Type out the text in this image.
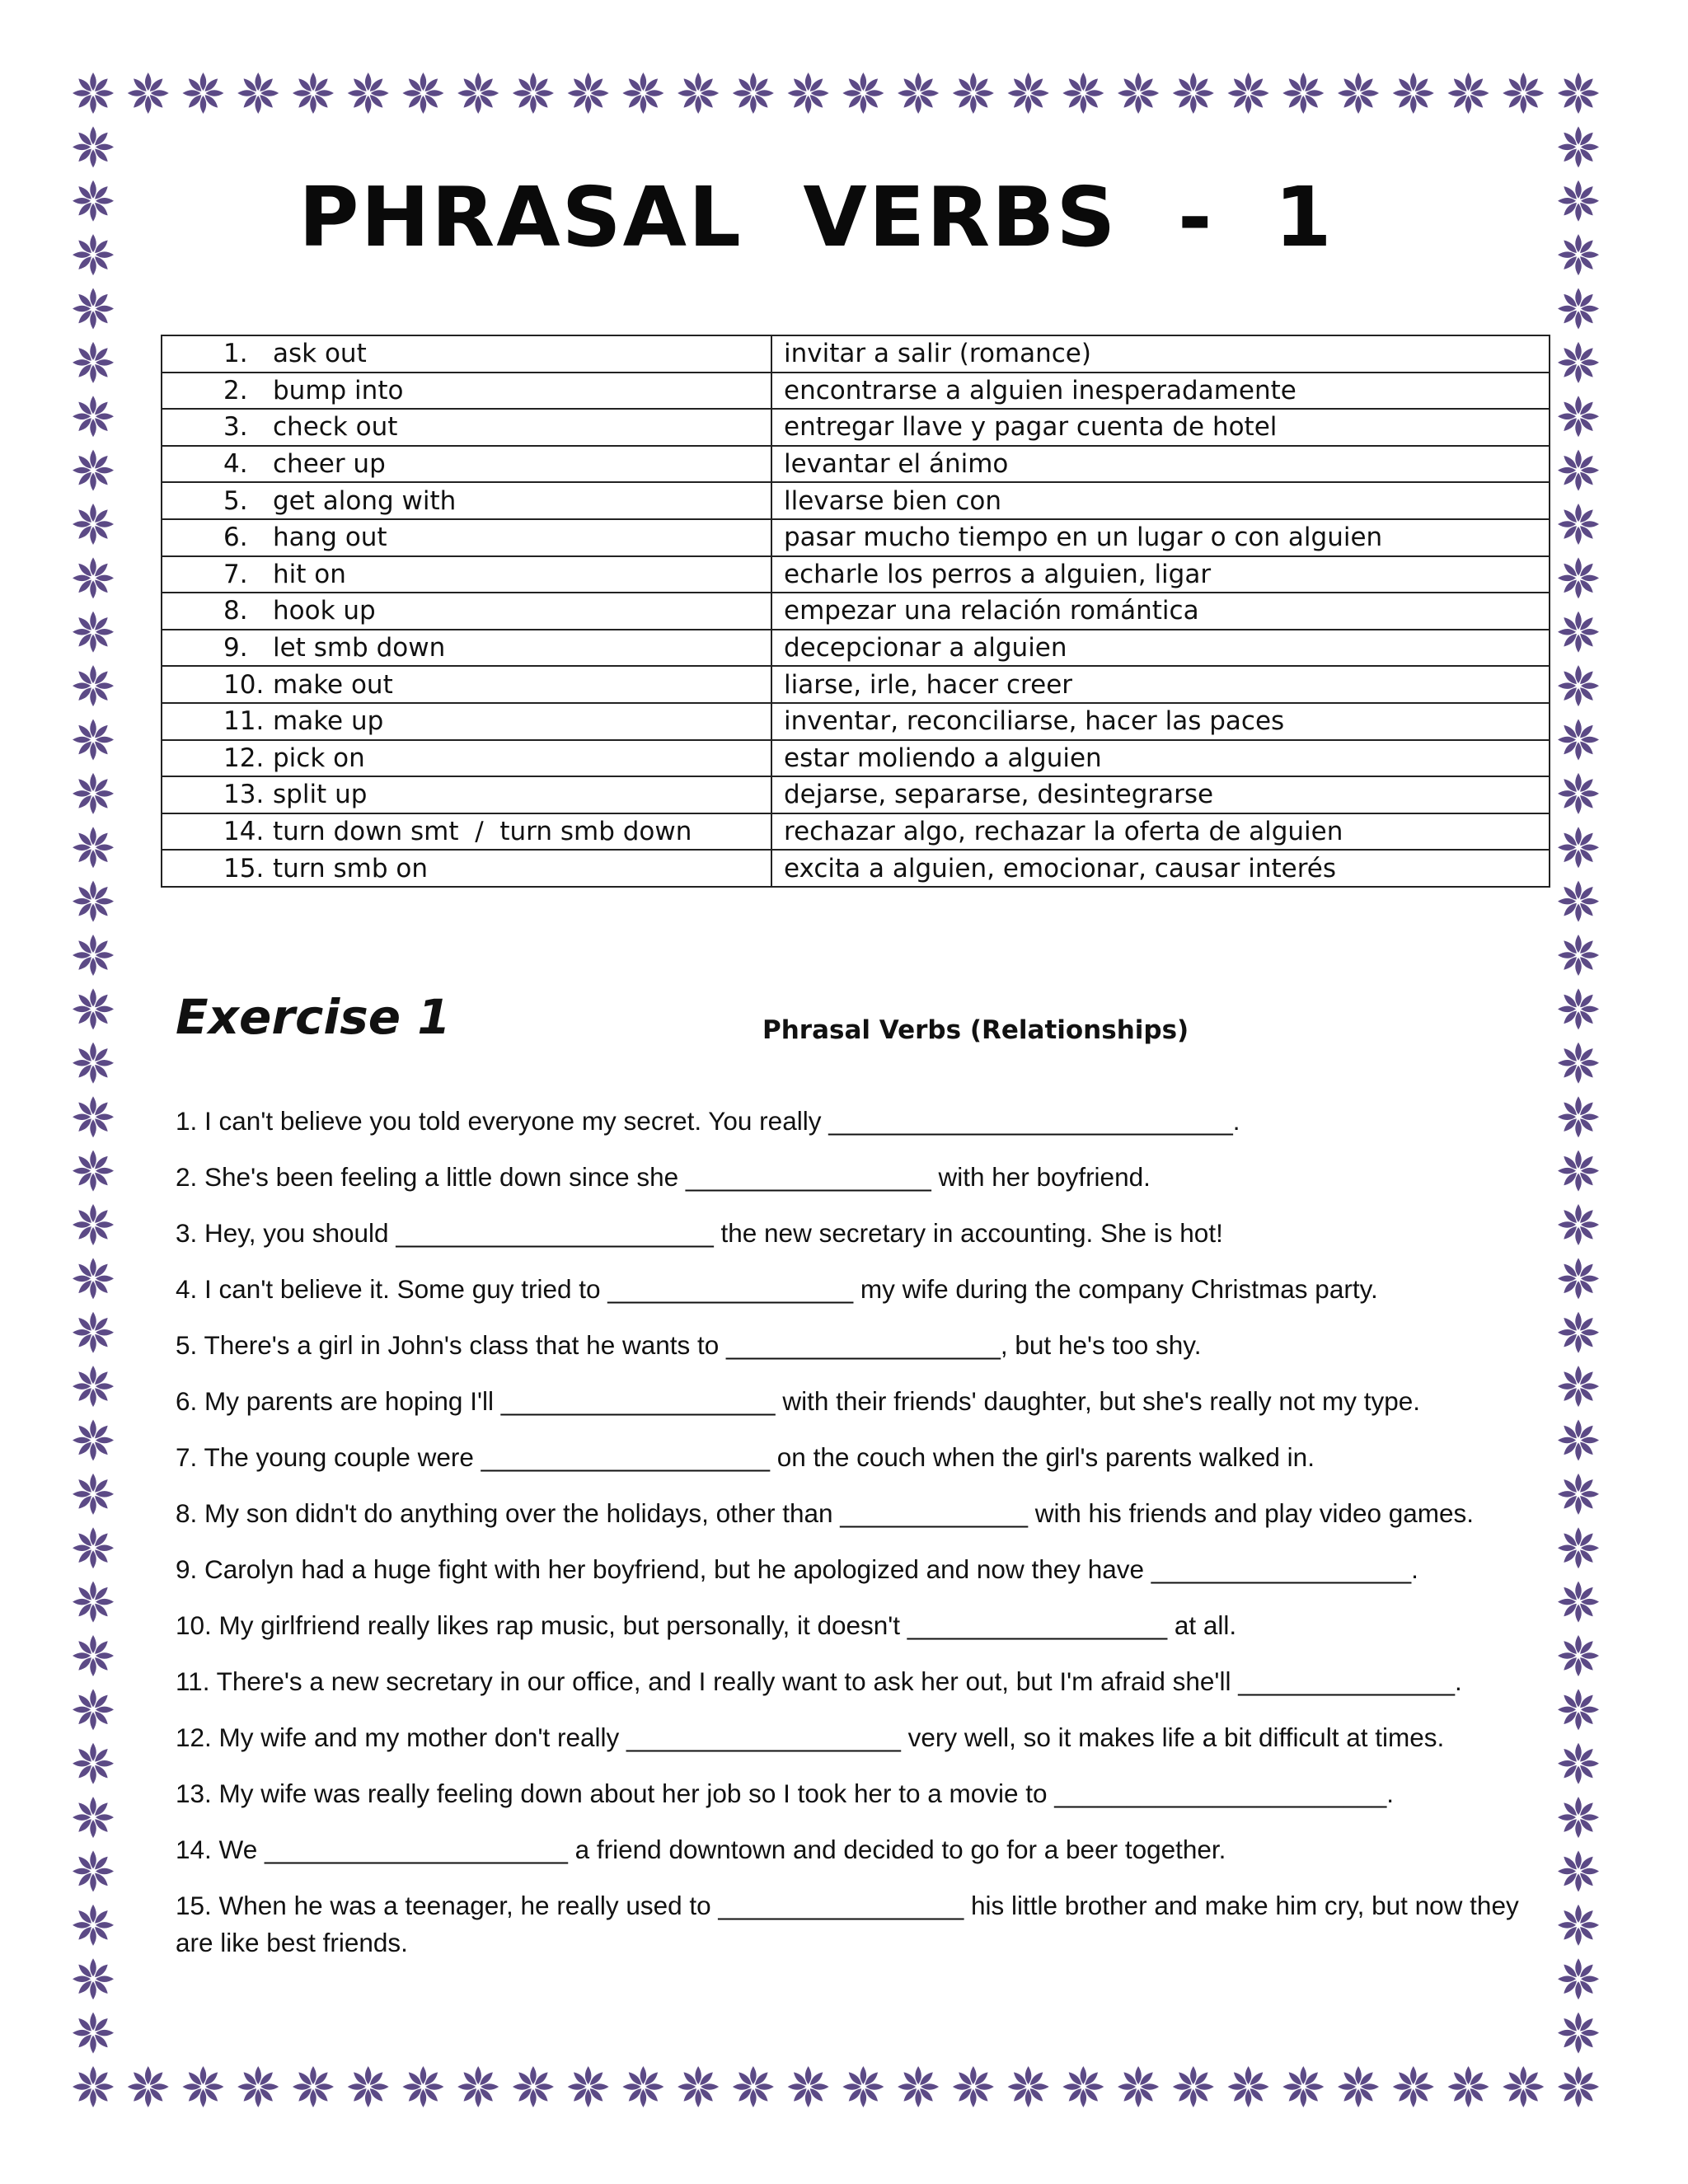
PHRASAL  VERBS  -  1
1. ask out	invitar a salir (romance)
2. bump into	encontrarse a alguien inesperadamente
3. check out	entregar llave y pagar cuenta de hotel
4. cheer up	levantar el ánimo
5. get along with	llevarse bien con
6. hang out	pasar mucho tiempo en un lugar o con alguien
7. hit on	echarle los perros a alguien, ligar
8. hook up	empezar una relación romántica
9. let smb down	decepcionar a alguien
10. make out	liarse, irle, hacer creer
11. make up	inventar, reconciliarse, hacer las paces
12. pick on	estar moliendo a alguien
13. split up	dejarse, separarse, desintegrarse
14. turn down smt  /  turn smb down	rechazar algo, rechazar la oferta de alguien
15. turn smb on	excita a alguien, emocionar, causar interés
Exercise 1	Phrasal Verbs (Relationships)
1. I can't believe you told everyone my secret. You really ____________________________.
2. She's been feeling a little down since she _________________ with her boyfriend.
3. Hey, you should ______________________ the new secretary in accounting. She is hot!
4. I can't believe it. Some guy tried to _________________ my wife during the company Christmas party.
5. There's a girl in John's class that he wants to ___________________, but he's too shy.
6. My parents are hoping I'll ___________________ with their friends' daughter, but she's really not my type.
7. The young couple were ____________________ on the couch when the girl's parents walked in.
8. My son didn't do anything over the holidays, other than _____________ with his friends and play video games.
9. Carolyn had a huge fight with her boyfriend, but he apologized and now they have __________________.
10. My girlfriend really likes rap music, but personally, it doesn't __________________ at all.
11. There's a new secretary in our office, and I really want to ask her out, but I'm afraid she'll _______________.
12. My wife and my mother don't really ___________________ very well, so it makes life a bit difficult at times.
13. My wife was really feeling down about her job so I took her to a movie to _______________________.
14. We _____________________ a friend downtown and decided to go for a beer together.
15. When he was a teenager, he really used to _________________ his little brother and make him cry, but now they are like best friends.
